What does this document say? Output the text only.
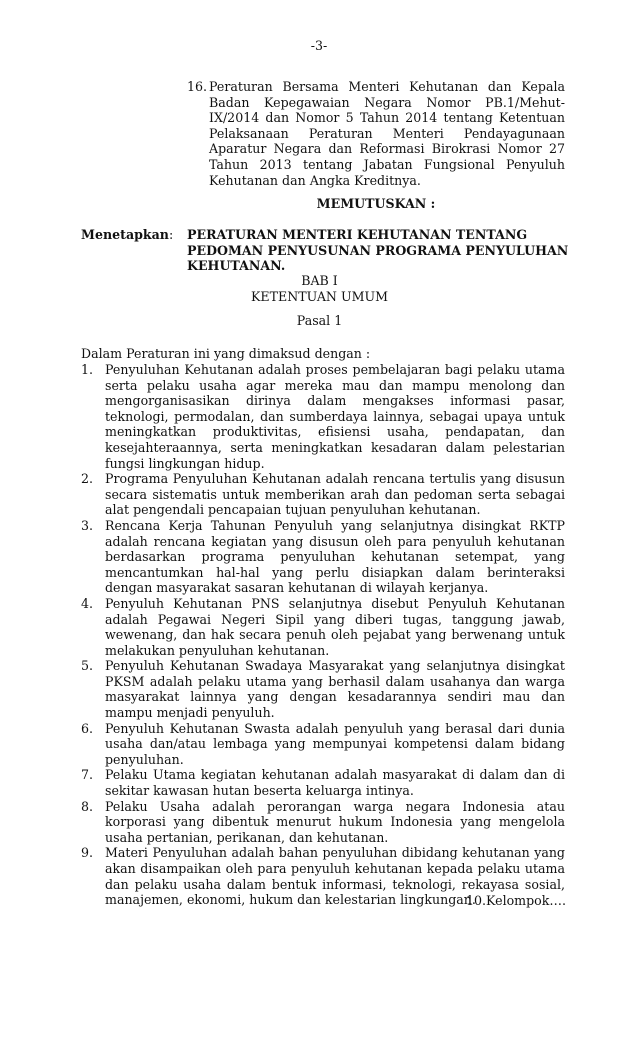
-3-
16. Peraturan Bersama Menteri Kehutanan dan Kepala Badan Kepegawaian Negara Nomor PB.1/Mehut-IX/2014 dan Nomor 5 Tahun 2014 tentang Ketentuan Pelaksanaan Peraturan Menteri Pendayagunaan Aparatur Negara dan Reformasi Birokrasi Nomor 27 Tahun 2013 tentang Jabatan Fungsional Penyuluh Kehutanan dan Angka Kreditnya.
MEMUTUSKAN :
Menetapkan :	PERATURAN MENTERI KEHUTANAN TENTANG PEDOMAN PENYUSUNAN PROGRAMA PENYULUHAN KEHUTANAN.
BAB I
KETENTUAN UMUM
Pasal 1
Dalam Peraturan ini yang dimaksud dengan :
1. Penyuluhan Kehutanan adalah proses pembelajaran bagi pelaku utama serta pelaku usaha agar mereka mau dan mampu menolong dan mengorganisasikan dirinya dalam mengakses informasi pasar, teknologi, permodalan, dan sumberdaya lainnya, sebagai upaya untuk meningkatkan produktivitas, efisiensi usaha, pendapatan, dan kesejahteraannya, serta meningkatkan kesadaran dalam pelestarian fungsi lingkungan hidup.
2. Programa Penyuluhan Kehutanan adalah rencana tertulis yang disusun secara sistematis untuk memberikan arah dan pedoman serta sebagai alat pengendali pencapaian tujuan penyuluhan kehutanan.
3. Rencana Kerja Tahunan Penyuluh yang selanjutnya disingkat RKTP adalah rencana kegiatan yang disusun oleh para penyuluh kehutanan berdasarkan programa penyuluhan kehutanan setempat, yang mencantumkan hal-hal yang perlu disiapkan dalam berinteraksi dengan masyarakat sasaran kehutanan di wilayah kerjanya.
4. Penyuluh Kehutanan PNS selanjutnya disebut Penyuluh Kehutanan adalah Pegawai Negeri Sipil yang diberi tugas, tanggung jawab, wewenang, dan hak secara penuh oleh pejabat yang berwenang untuk melakukan penyuluhan kehutanan.
5. Penyuluh Kehutanan Swadaya Masyarakat yang selanjutnya disingkat PKSM adalah pelaku utama yang berhasil dalam usahanya dan warga masyarakat lainnya yang dengan kesadarannya sendiri mau dan mampu menjadi penyuluh.
6. Penyuluh Kehutanan Swasta adalah penyuluh yang berasal dari dunia usaha dan/atau lembaga yang mempunyai kompetensi dalam bidang penyuluhan.
7. Pelaku Utama kegiatan kehutanan adalah masyarakat di dalam dan di sekitar kawasan hutan beserta keluarga intinya.
8. Pelaku Usaha adalah perorangan warga negara Indonesia atau korporasi yang dibentuk menurut hukum Indonesia yang mengelola usaha pertanian, perikanan, dan kehutanan.
9. Materi Penyuluhan adalah bahan penyuluhan dibidang kehutanan yang akan disampaikan oleh para penyuluh kehutanan kepada pelaku utama dan pelaku usaha dalam bentuk informasi, teknologi, rekayasa sosial, manajemen, ekonomi, hukum dan kelestarian lingkungan.
10.Kelompok….
